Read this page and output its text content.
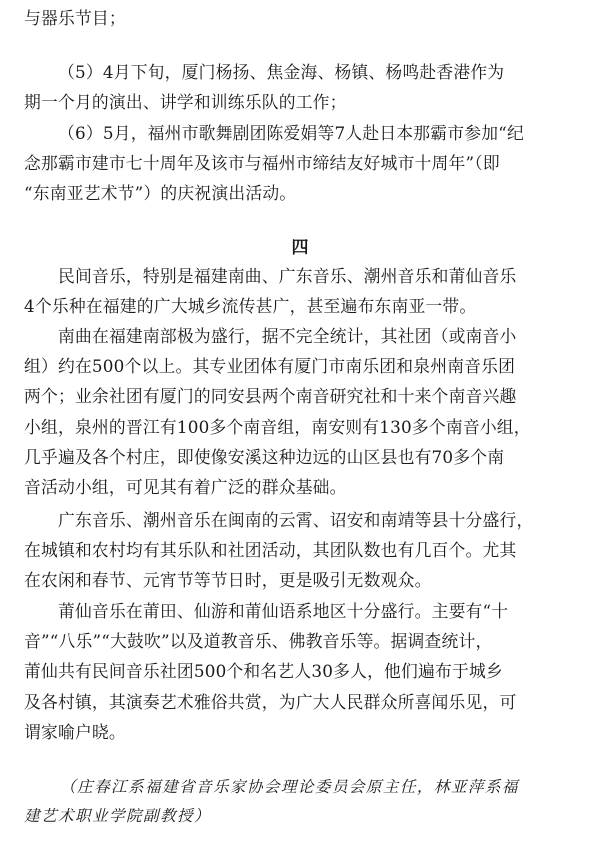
与器乐节目；
（5）4月下旬，厦门杨扬、焦金海、杨镇、杨鸣赴香港作为
期一个月的演出、讲学和训练乐队的工作；
（6）5月，福州市歌舞剧团陈爱娟等7人赴日本那霸市参加“纪
念那霸市建市七十周年及该市与福州市缔结友好城市十周年”（即
“东南亚艺术节”）的庆祝演出活动。
四
民间音乐，特别是福建南曲、广东音乐、潮州音乐和莆仙音乐
4个乐种在福建的广大城乡流传甚广，甚至遍布东南亚一带。
南曲在福建南部极为盛行，据不完全统计，其社团（或南音小
组）约在500个以上。其专业团体有厦门市南乐团和泉州南音乐团
两个；业余社团有厦门的同安县两个南音研究社和十来个南音兴趣
小组，泉州的晋江有100多个南音组，南安则有130多个南音小组，
几乎遍及各个村庄，即使像安溪这种边远的山区县也有70多个南
音活动小组，可见其有着广泛的群众基础。
广东音乐、潮州音乐在闽南的云霄、诏安和南靖等县十分盛行，
在城镇和农村均有其乐队和社团活动，其团队数也有几百个。尤其
在农闲和春节、元宵节等节日时，更是吸引无数观众。
莆仙音乐在莆田、仙游和莆仙语系地区十分盛行。主要有“十
音”“八乐”“大鼓吹”以及道教音乐、佛教音乐等。据调查统计，
莆仙共有民间音乐社团500个和名艺人30多人，他们遍布于城乡
及各村镇，其演奏艺术雅俗共赏，为广大人民群众所喜闻乐见，可
谓家喻户晓。
（庄春江系福建省音乐家协会理论委员会原主任，林亚萍系福
建艺术职业学院副教授）
